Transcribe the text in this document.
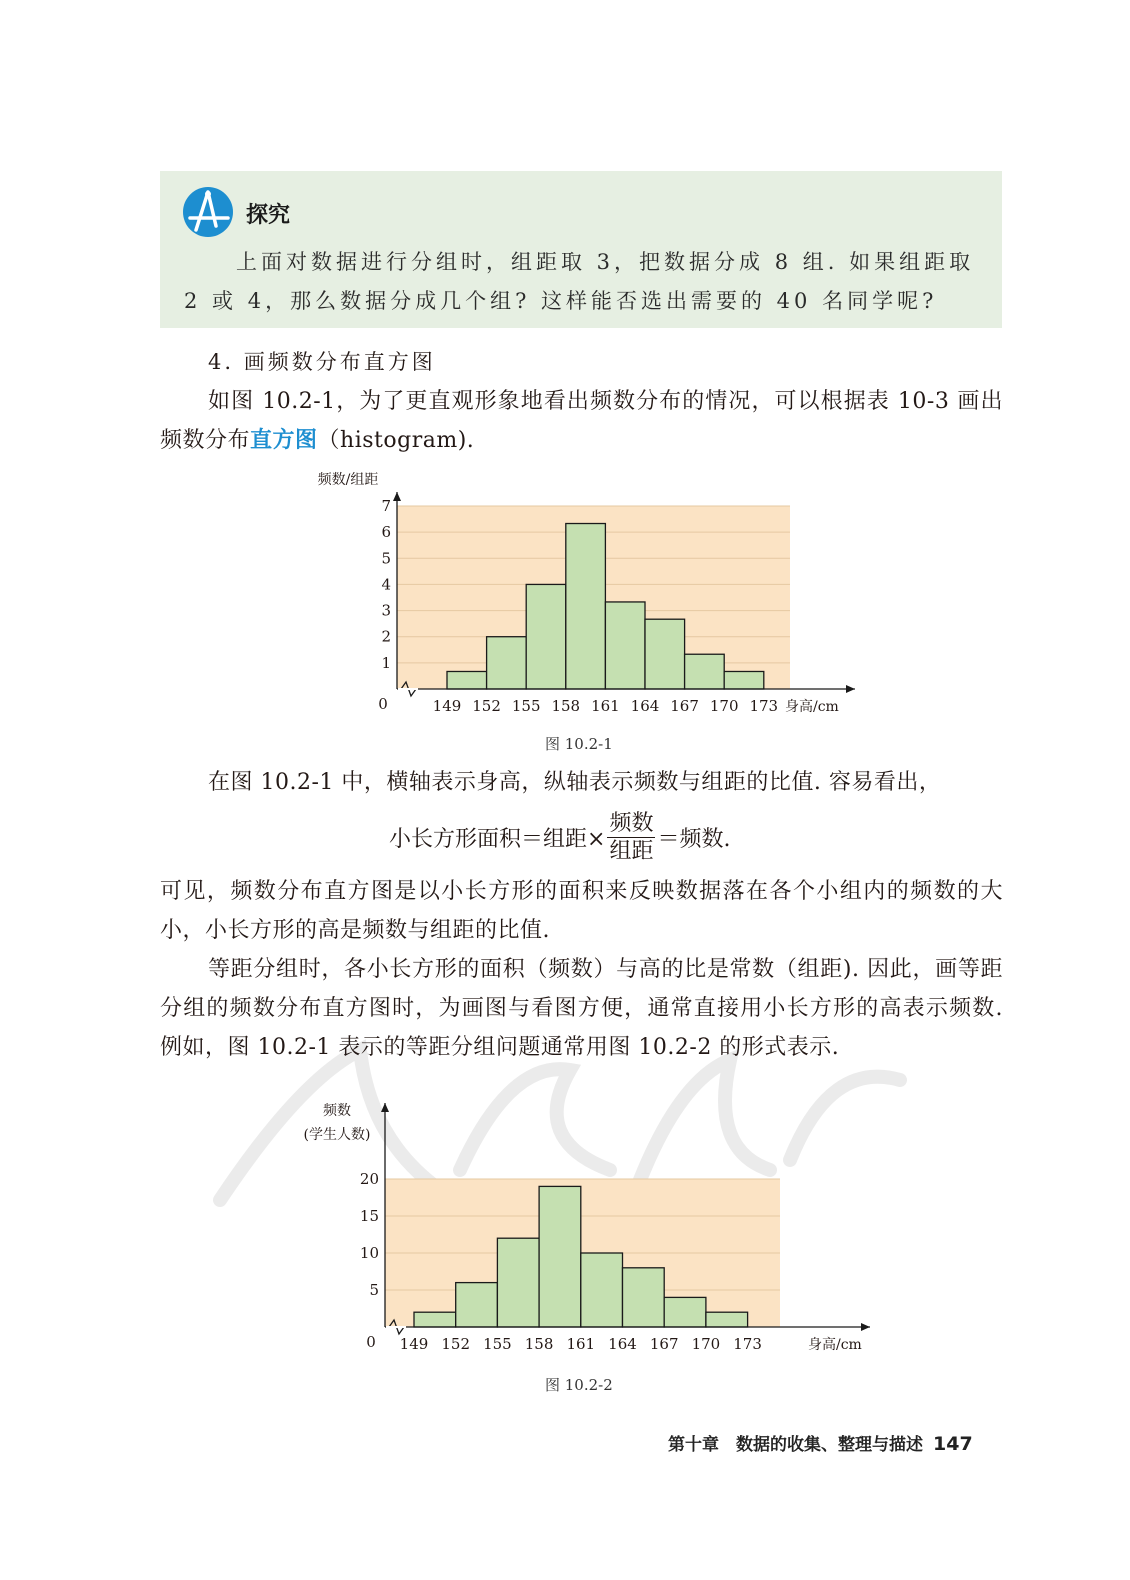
探究
上面对数据进行分组时，组距取 3，把数据分成 8 组. 如果组距取 2 或 4，那么数据分成几个组? 这样能否选出需要的 40 名同学呢?
4. 画频数分布直方图
如图 10.2-1，为了更直观形象地看出频数分布的情况，可以根据表 10-3 画出频数分布直方图（histogram).
1
2
3
4
5
6
7
0	149 152 155 158 161 164 167 170 173 身高/cm
频数/组距
图 10.2-1
在图 10.2-1 中，横轴表示身高，纵轴表示频数与组距的比值. 容易看出，
小长方形面积＝组距× $\frac{\text{频数}}{\text{组距}}$ ＝频数.
可见，频数分布直方图是以小长方形的面积来反映数据落在各个小组内的频数的大小，小长方形的高是频数与组距的比值.
等距分组时，各小长方形的面积（频数）与高的比是常数（组距). 因此，画等距分组的频数分布直方图时，为画图与看图方便，通常直接用小长方形的高表示频数. 例如，图 10.2-1 表示的等距分组问题通常用图 10.2-2 的形式表示.
5
10
15
20
0 149 152 155 158 161 164 167 170 173	身高/cm
频数
(学生人数)
图 10.2-2
第十章　数据的收集、整理与描述 147
